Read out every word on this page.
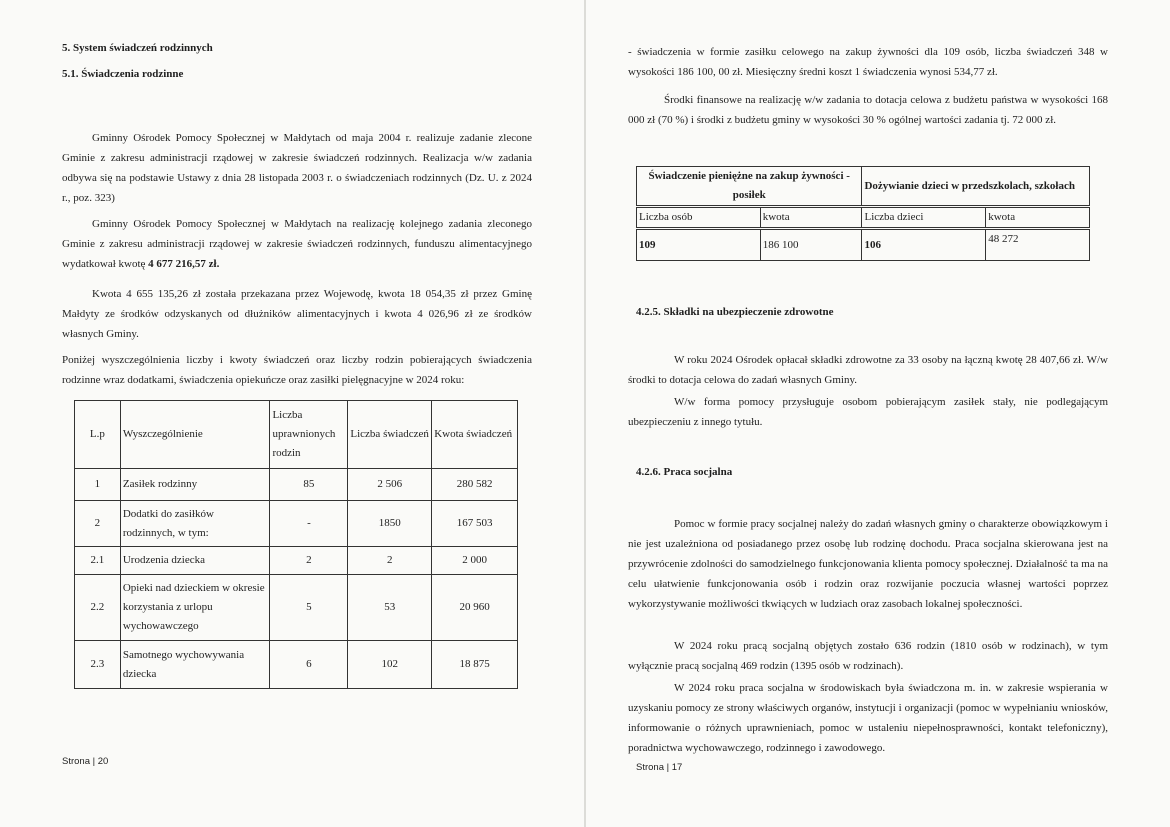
5. System świadczeń rodzinnych

5.1. Świadczenia rodzinne

Gminny Ośrodek Pomocy Społecznej w Małdytach od maja 2004 r. realizuje zadanie zlecone Gminie z zakresu administracji rządowej w zakresie świadczeń rodzinnych. Realizacja w/w zadania odbywa się na podstawie Ustawy z dnia 28 listopada 2003 r. o świadczeniach rodzinnych (Dz. U. z 2024 r., poz. 323)

Gminny Ośrodek Pomocy Społecznej w Małdytach na realizację kolejnego zadania zleconego Gminie z zakresu administracji rządowej w zakresie świadczeń rodzinnych, funduszu alimentacyjnego wydatkował kwotę 4 677 216,57 zł.

Kwota 4 655 135,26 zł została przekazana przez Wojewodę, kwota 18 054,35 zł przez Gminę Małdyty ze środków odzyskanych od dłużników alimentacyjnych i kwota 4 026,96 zł ze środków własnych Gminy.

Poniżej wyszczególnienia liczby i kwoty świadczeń oraz liczby rodzin pobierających świadczenia rodzinne wraz dodatkami, świadczenia opiekuńcze oraz zasiłki pielęgnacyjne w 2024 roku:

L.p	Wyszczególnienie	Liczba uprawnionych rodzin	Liczba świadczeń	Kwota świadczeń
1	Zasiłek rodzinny	85	2 506	280 582
2	Dodatki do zasiłków rodzinnych, w tym:	-	1850	167 503
2.1	Urodzenia dziecka	2	2	2 000
2.2	Opieki nad dzieckiem w okresie korzystania z urlopu wychowawczego	5	53	20 960
2.3	Samotnego wychowywania dziecka	6	102	18 875
Strona | 20

- świadczenia w formie zasiłku celowego na zakup żywności dla 109 osób, liczba świadczeń 348 w wysokości 186 100, 00 zł. Miesięczny średni koszt 1 świadczenia wynosi 534,77 zł.

Środki finansowe na realizację w/w zadania to dotacja celowa z budżetu państwa w wysokości 168 000 zł (70 %) i środki z budżetu gminy w wysokości 30 % ogólnej wartości zadania tj. 72 000 zł.

Świadczenie pieniężne na zakup żywności - posiłek		Dożywianie dzieci w przedszkolach, szkołach	
Liczba osób	kwota	Liczba dzieci	kwota
109	186 100	106	48 272

4.2.5. Składki na ubezpieczenie zdrowotne

W roku 2024 Ośrodek opłacał składki zdrowotne za 33 osoby na łączną kwotę 28 407,66 zł. W/w środki to dotacja celowa do zadań własnych Gminy.

W/w forma pomocy przysługuje osobom pobierającym zasiłek stały, nie podlegającym ubezpieczeniu z innego tytułu.

4.2.6. Praca socjalna

Pomoc w formie pracy socjalnej należy do zadań własnych gminy o charakterze obowiązkowym i nie jest uzależniona od posiadanego przez osobę lub rodzinę dochodu. Praca socjalna skierowana jest na przywrócenie zdolności do samodzielnego funkcjonowania klienta pomocy społecznej. Działalność ta ma na celu ułatwienie funkcjonowania osób i rodzin oraz rozwijanie poczucia własnej wartości poprzez wykorzystywanie możliwości tkwiących w ludziach oraz zasobach lokalnej społeczności.

W 2024 roku pracą socjalną objętych zostało 636 rodzin (1810 osób w rodzinach), w tym wyłącznie pracą socjalną 469 rodzin (1395 osób w rodzinach).

W 2024 roku praca socjalna w środowiskach była świadczona m. in. w zakresie wspierania w uzyskaniu pomocy ze strony właściwych organów, instytucji i organizacji (pomoc w wypełnianiu wniosków, informowanie o różnych uprawnieniach, pomoc w ustaleniu niepełnosprawności, kontakt telefoniczny), poradnictwa wychowawczego, rodzinnego i zawodowego.

Strona | 17
